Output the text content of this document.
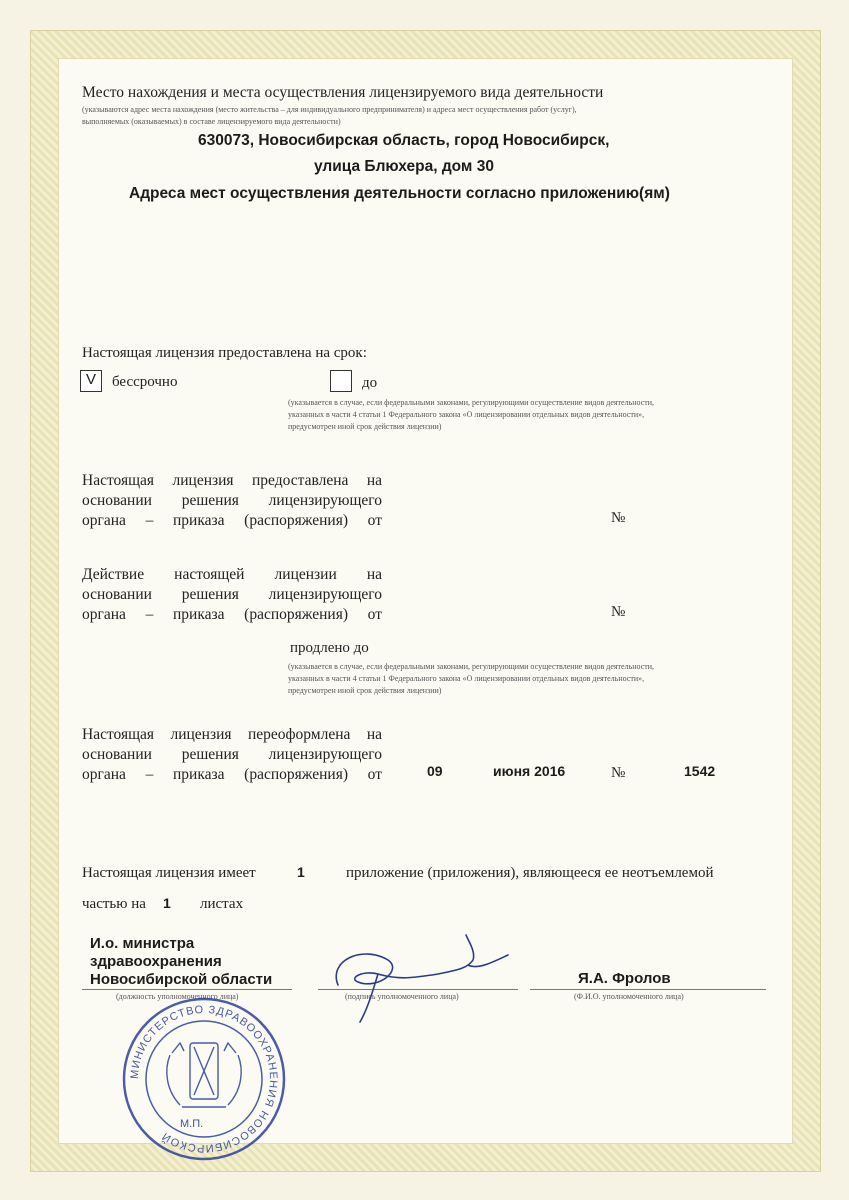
Место нахождения и места осуществления лицензируемого вида деятельности
(указываются адрес места нахождения (место жительства – для индивидуального предпринимателя) и адреса мест осуществления работ (услуг),
выполняемых (оказываемых) в составе лицензируемого вида деятельности)
630073, Новосибирская область, город Новосибирск,
улица Блюхера, дом 30
Адреса мест осуществления деятельности согласно приложению(ям)
Настоящая лицензия предоставлена на срок:
V	бессрочно	до
(указывается в случае, если федеральными законами, регулирующими осуществление видов деятельности,
указанных в части 4 статьи 1 Федерального закона «О лицензировании отдельных видов деятельности»,
предусмотрен иной срок действия лицензии)
Настоящая лицензия предоставлена на
основании решения лицензирующего
органа – приказа (распоряжения) от	№
Действие настоящей лицензии на
основании решения лицензирующего
органа – приказа (распоряжения) от	№
продлено до
(указывается в случае, если федеральными законами, регулирующими осуществление видов деятельности,
указанных в части 4 статьи 1 Федерального закона «О лицензировании отдельных видов деятельности»,
предусмотрен иной срок действия лицензии)
Настоящая лицензия переоформлена на
основании решения лицензирующего
органа – приказа (распоряжения) от	09	июня 2016	№	1542
Настоящая лицензия имеет	1	приложение (приложения), являющееся ее неотъемлемой
частью на 1 листах
И.о. министра
здравоохранения
Новосибирской области
(должность уполномоченного лица)	(подпись уполномоченного лица)
Я.А. Фролов
(Ф.И.О. уполномоченного лица)
МИНИСТЕРСТВО ЗДРАВООХРАНЕНИЯ НОВОСИБИРСКОЙ
М.П.
